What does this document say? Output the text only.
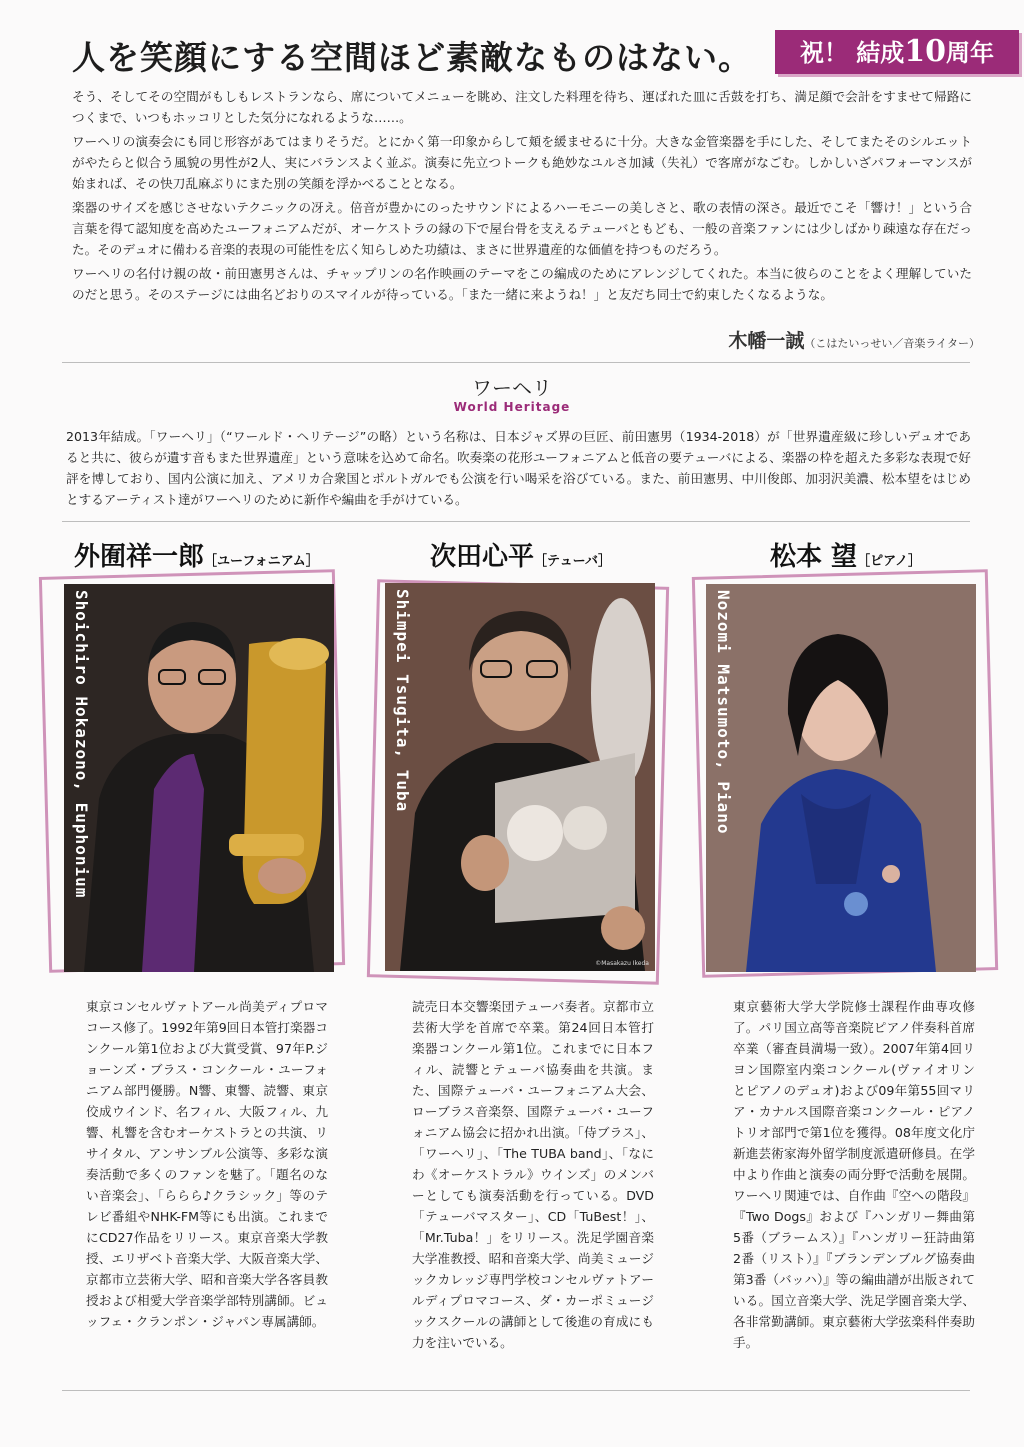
人を笑顔にする空間ほど素敵なものはない。	祝！ 結成10周年

そう、そしてその空間がもしもレストランなら、席についてメニューを眺め、注文した料理を待ち、運ばれた皿に舌鼓を打ち、満足顔で会計をすませて帰路につくまで、いつもホッコリとした気分になれるような……。

ワーヘリの演奏会にも同じ形容があてはまりそうだ。とにかく第一印象からして頬を緩ませるに十分。大きな金管楽器を手にした、そしてまたそのシルエットがやたらと似合う風貌の男性が2人、実にバランスよく並ぶ。演奏に先立つトークも絶妙なユルさ加減（失礼）で客席がなごむ。しかしいざパフォーマンスが始まれば、その快刀乱麻ぶりにまた別の笑顔を浮かべることとなる。

楽器のサイズを感じさせないテクニックの冴え。倍音が豊かにのったサウンドによるハーモニーの美しさと、歌の表情の深さ。最近でこそ「響け！」という合言葉を得て認知度を高めたユーフォニアムだが、オーケストラの縁の下で屋台骨を支えるテューバともども、一般の音楽ファンには少しばかり疎遠な存在だった。そのデュオに備わる音楽的表現の可能性を広く知らしめた功績は、まさに世界遺産的な価値を持つものだろう。

ワーヘリの名付け親の故・前田憲男さんは、チャップリンの名作映画のテーマをこの編成のためにアレンジしてくれた。本当に彼らのことをよく理解していたのだと思う。そのステージには曲名どおりのスマイルが待っている。「また一緒に来ようね！」と友だち同士で約束したくなるような。

木幡一誠（こはたいっせい／音楽ライター）
ワーヘリ
World Heritage
2013年結成。「ワーヘリ」（“ワールド・ヘリテージ”の略）という名称は、日本ジャズ界の巨匠、前田憲男（1934-2018）が「世界遺産級に珍しいデュオであると共に、彼らが遺す音もまた世界遺産」という意味を込めて命名。吹奏楽の花形ユーフォニアムと低音の要テューバによる、楽器の枠を超えた多彩な表現で好評を博しており、国内公演に加え、アメリカ合衆国とポルトガルでも公演を行い喝采を浴びている。また、前田憲男、中川俊郎、加羽沢美濃、松本望をはじめとするアーティスト達がワーヘリのために新作や編曲を手がけている。
外囿祥一郎［ユーフォニアム］	次田心平［テューバ］	松本 望［ピアノ］
Shoichiro Hokazono, Euphonium	Shimpei Tsugita, Tuba
©Masakazu Ikeda
Nozomi Matsumoto, Piano
東京コンセルヴァトアール尚美ディプロマコース修了。1992年第9回日本管打楽器コンクール第1位および大賞受賞、97年P.ジョーンズ・ブラス・コンクール・ユーフォニアム部門優勝。N響、東響、読響、東京佼成ウインド、名フィル、大阪フィル、九響、札響を含むオーケストラとの共演、リサイタル、アンサンブル公演等、多彩な演奏活動で多くのファンを魅了。「題名のない音楽会」、「ららら♪クラシック」等のテレビ番組やNHK-FM等にも出演。これまでにCD27作品をリリース。東京音楽大学教授、エリザベト音楽大学、大阪音楽大学、京都市立芸術大学、昭和音楽大学各客員教授および相愛大学音楽学部特別講師。ビュッフェ・クランポン・ジャパン専属講師。
読売日本交響楽団テューバ奏者。京都市立芸術大学を首席で卒業。第24回日本管打楽器コンクール第1位。これまでに日本フィル、読響とテューバ協奏曲を共演。また、国際テューバ・ユーフォニアム大会、ローブラス音楽祭、国際テューバ・ユーフォニアム協会に招かれ出演。「侍ブラス」、「ワーヘリ」、「The TUBA band」、「なにわ《オーケストラル》ウインズ」のメンバーとしても演奏活動を行っている。DVD「テューバマスター」、CD「TuBest！」、「Mr.Tuba！」をリリース。洗足学園音楽大学准教授、昭和音楽大学、尚美ミュージックカレッジ専門学校コンセルヴァトアールディプロマコース、ダ・カーポミュージックスクールの講師として後進の育成にも力を注いでいる。
東京藝術大学大学院修士課程作曲専攻修了。パリ国立高等音楽院ピアノ伴奏科首席卒業（審査員満場一致）。2007年第4回リヨン国際室内楽コンクール(ヴァイオリンとピアノのデュオ)および09年第55回マリア・カナルス国際音楽コンクール・ピアノトリオ部門で第1位を獲得。08年度文化庁新進芸術家海外留学制度派遣研修員。在学中より作曲と演奏の両分野で活動を展開。ワーヘリ関連では、自作曲『空への階段』『Two Dogs』および『ハンガリー舞曲第5番（ブラームス）』『ハンガリー狂詩曲第2番（リスト）』『ブランデンブルグ協奏曲第3番（バッハ）』等の編曲譜が出版されている。国立音楽大学、洗足学園音楽大学、各非常勤講師。東京藝術大学弦楽科伴奏助手。
